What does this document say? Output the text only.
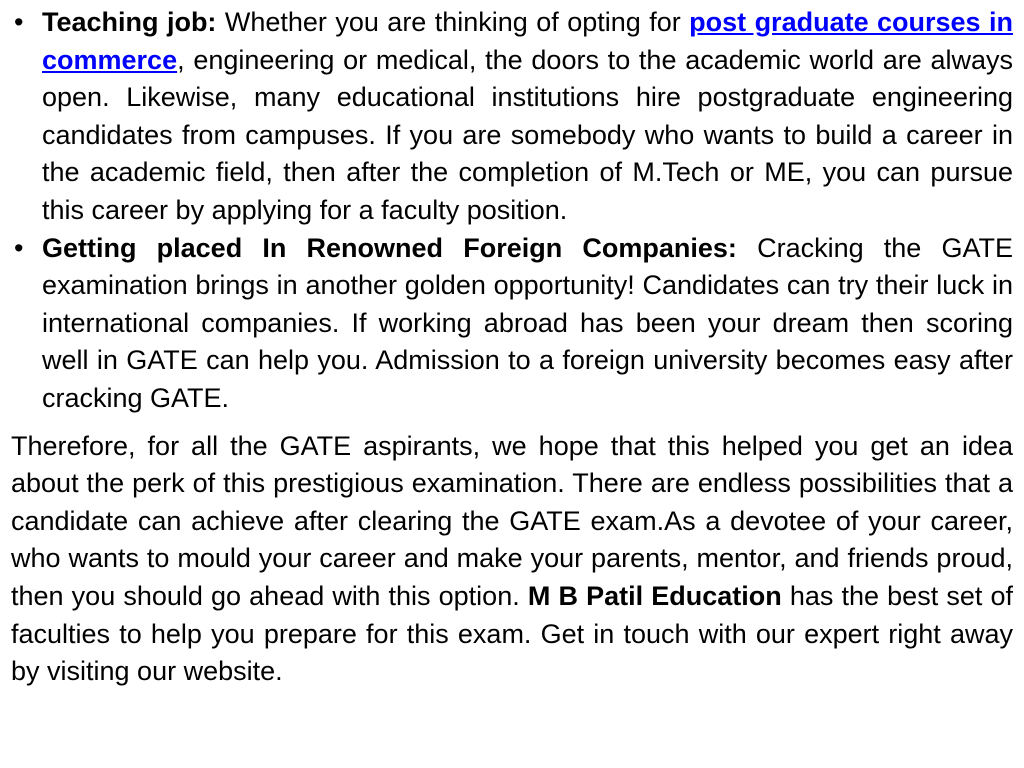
• Teaching job: Whether you are thinking of opting for post graduate courses in commerce, engineering or medical, the doors to the academic world are always open. Likewise, many educational institutions hire postgraduate engineering candidates from campuses. If you are somebody who wants to build a career in the academic field, then after the completion of M.Tech or ME, you can pursue this career by applying for a faculty position.
• Getting placed In Renowned Foreign Companies: Cracking the GATE examination brings in another golden opportunity! Candidates can try their luck in international companies. If working abroad has been your dream then scoring well in GATE can help you. Admission to a foreign university becomes easy after cracking GATE.

Therefore, for all the GATE aspirants, we hope that this helped you get an idea about the perk of this prestigious examination. There are endless possibilities that a candidate can achieve after clearing the GATE exam.As a devotee of your career, who wants to mould your career and make your parents, mentor, and friends proud, then you should go ahead with this option. M B Patil Education has the best set of faculties to help you prepare for this exam. Get in touch with our expert right away by visiting our website.
